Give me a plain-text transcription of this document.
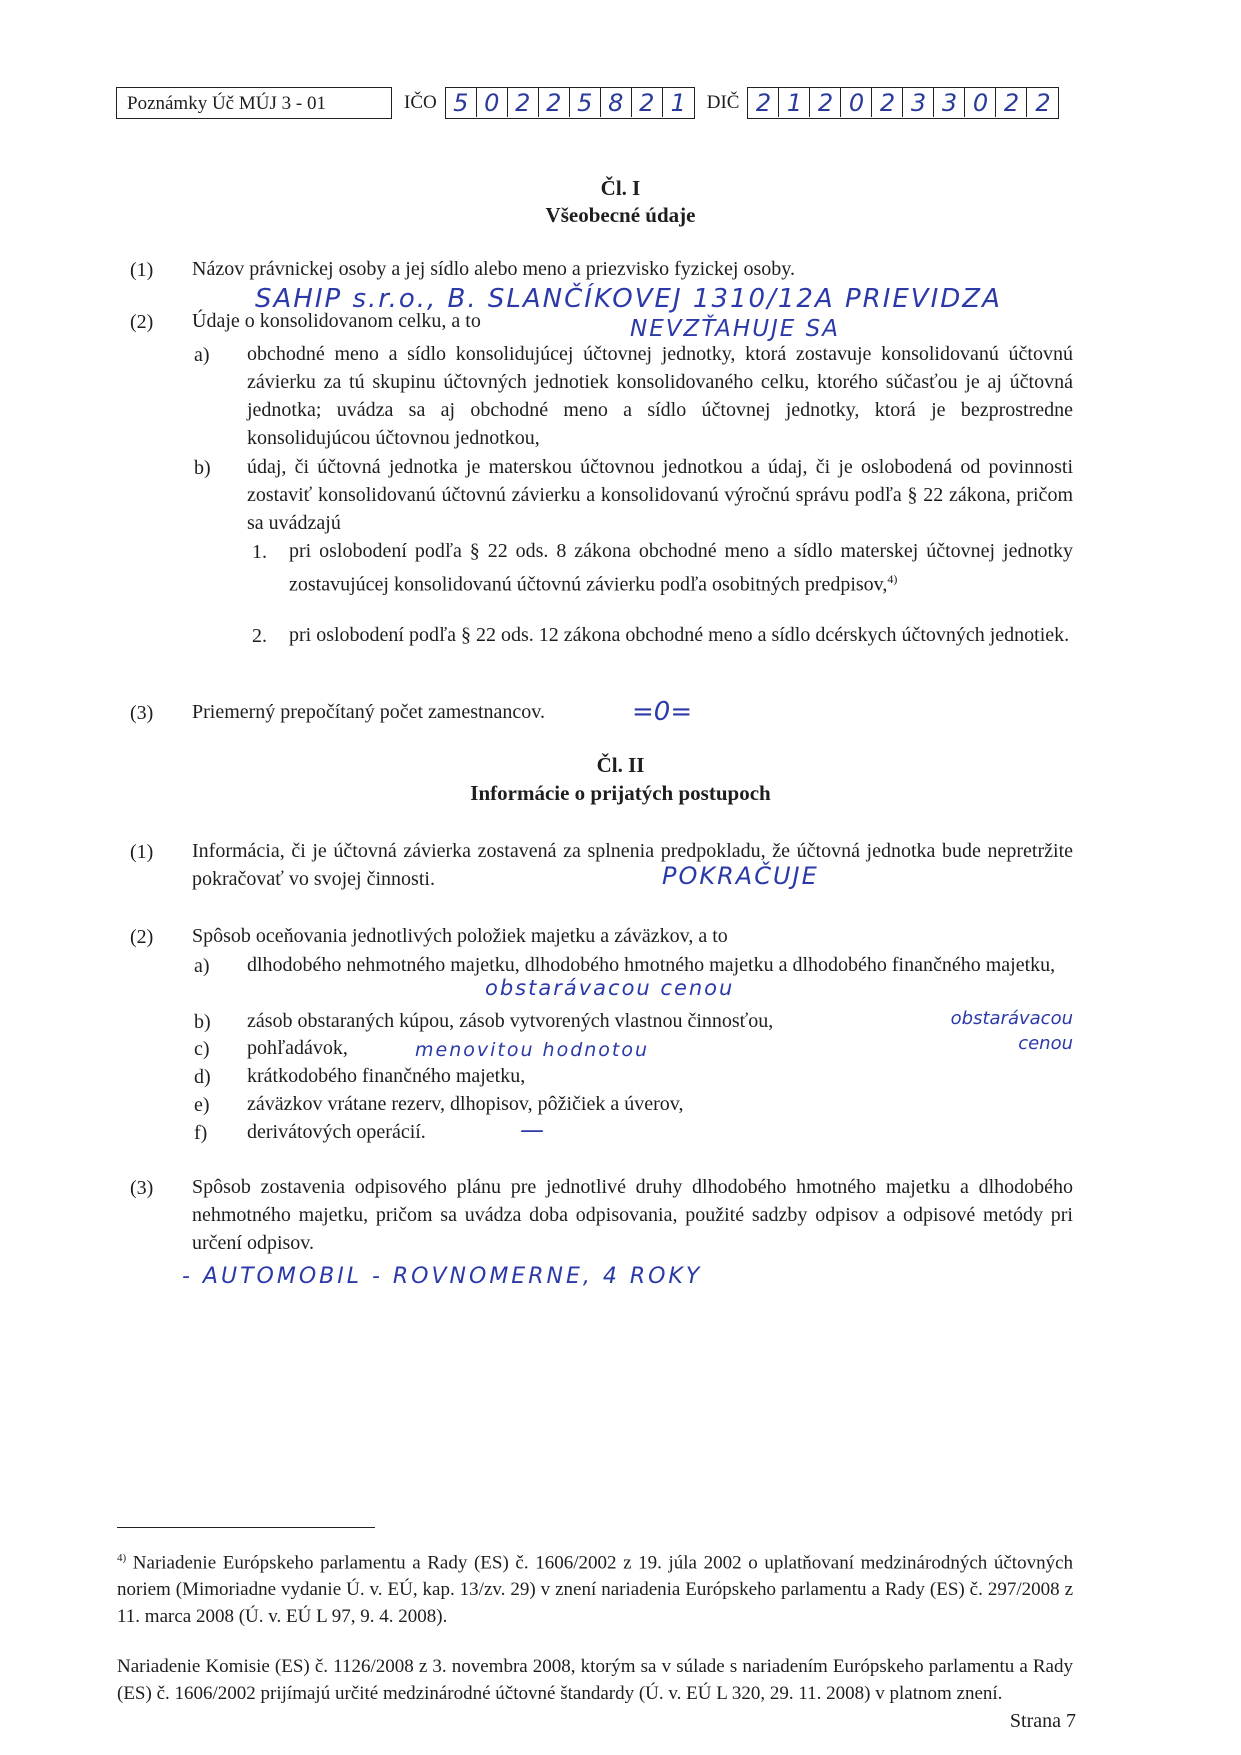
Poznámky Úč MÚJ 3 - 01	IČO 5 0 2 2 5 8 2 1	DIČ 2 1 2 0 2 3 3 0 2 2
Čl. I
Všeobecné údaje
(1) Názov právnickej osoby a jej sídlo alebo meno a priezvisko fyzickej osoby.
SAHIP s.r.o., B. SLANČÍKOVEJ 1310/12A PRIEVIDZA
(2) Údaje o konsolidovanom celku, a to	NEVZŤAHUJE SA
a) obchodné meno a sídlo konsolidujúcej účtovnej jednotky, ktorá zostavuje konsolidovanú účtovnú závierku za tú skupinu účtovných jednotiek konsolidovaného celku, ktorého súčasťou je aj účtovná jednotka; uvádza sa aj obchodné meno a sídlo účtovnej jednotky, ktorá je bezprostredne konsolidujúcou účtovnou jednotkou,
b) údaj, či účtovná jednotka je materskou účtovnou jednotkou a údaj, či je oslobodená od povinnosti zostaviť konsolidovanú účtovnú závierku a konsolidovanú výročnú správu podľa § 22 zákona, pričom sa uvádzajú
1. pri oslobodení podľa § 22 ods. 8 zákona obchodné meno a sídlo materskej účtovnej jednotky zostavujúcej konsolidovanú účtovnú závierku podľa osobitných predpisov,$^{4)}$
2. pri oslobodení podľa § 22 ods. 12 zákona obchodné meno a sídlo dcérskych účtovných jednotiek.
(3) Priemerný prepočítaný počet zamestnancov.	=0=
Čl. II
Informácie o prijatých postupoch
(1) Informácia, či je účtovná závierka zostavená za splnenia predpokladu, že účtovná jednotka bude nepretržite pokračovať vo svojej činnosti.	POKRAČUJE
(2) Spôsob oceňovania jednotlivých položiek majetku a záväzkov, a to
a) dlhodobého nehmotného majetku, dlhodobého hmotného majetku a dlhodobého finančného majetku,
obstarávacou cenou
b) zásob obstaraných kúpou, zásob vytvorených vlastnou činnosťou,	obstarávacou cenou
c) pohľadávok,	menovitou hodnotou
d) krátkodobého finančného majetku,
e) záväzkov vrátane rezerv, dlhopisov, pôžičiek a úverov,
f) derivátových operácií.	—
(3) Spôsob zostavenia odpisového plánu pre jednotlivé druhy dlhodobého hmotného majetku a dlhodobého nehmotného majetku, pričom sa uvádza doba odpisovania, použité sadzby odpisov a odpisové metódy pri určení odpisov.
- AUTOMOBIL - ROVNOMERNE, 4 ROKY
$^{4)}$ Nariadenie Európskeho parlamentu a Rady (ES) č. 1606/2002 z 19. júla 2002 o uplatňovaní medzinárodných účtovných noriem (Mimoriadne vydanie Ú. v. EÚ, kap. 13/zv. 29) v znení nariadenia Európskeho parlamentu a Rady (ES) č. 297/2008 z 11. marca 2008 (Ú. v. EÚ L 97, 9. 4. 2008).
Nariadenie Komisie (ES) č. 1126/2008 z 3. novembra 2008, ktorým sa v súlade s nariadením Európskeho parlamentu a Rady (ES) č. 1606/2002 prijímajú určité medzinárodné účtovné štandardy (Ú. v. EÚ L 320, 29. 11. 2008) v platnom znení.
Strana 7
